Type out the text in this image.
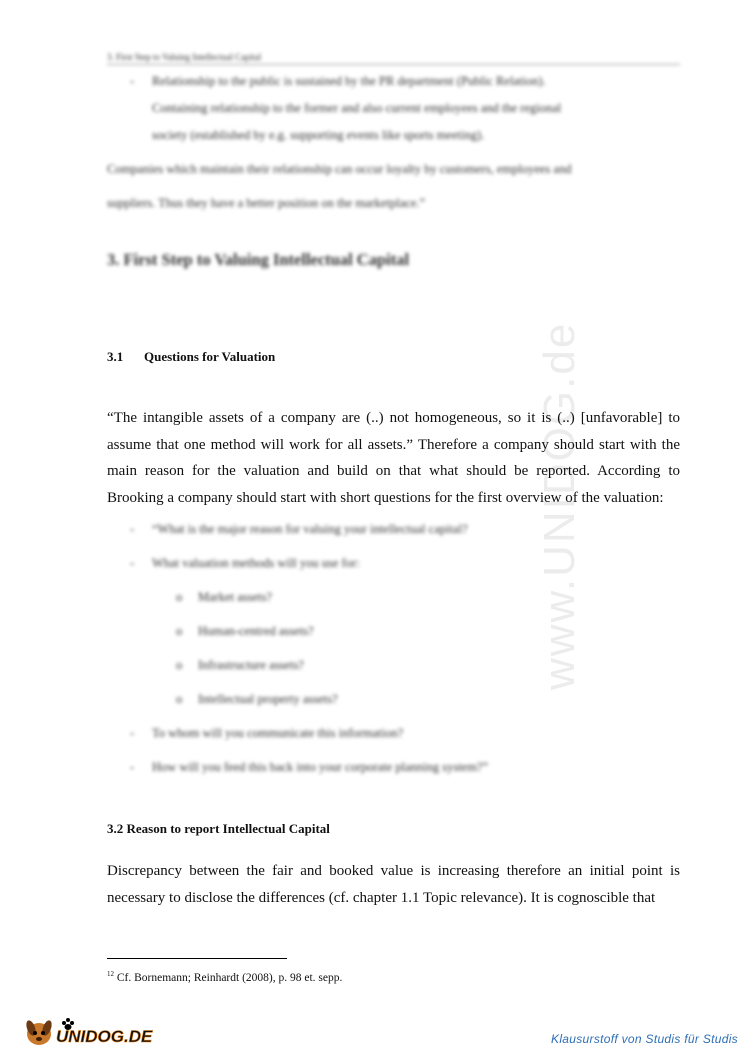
www.UNIDOG.de
3. First Step to Valuing Intellectual Capital
- Relationship to the public is sustained by the PR department (Public Relation).
Containing relationship to the former and also current employees and the regional
society (established by e.g. supporting events like sports meeting).
Companies which maintain their relationship can occur loyalty by customers, employees and
suppliers. Thus they have a better position on the marketplace.”
3. First Step to Valuing Intellectual Capital
3.1 Questions for Valuation
“The intangible assets of a company are (..) not homogeneous, so it is (..) [unfavorable] to assume that one method will work for all assets.” Therefore a company should start with the main reason for the valuation and build on that what should be reported. According to Brooking a company should start with short questions for the first overview of the valuation:
- “What is the major reason for valuing your intellectual capital?
- What valuation methods will you use for:
o Market assets?
o Human-centred assets?
o Infrastructure assets?
o Intellectual property assets?
- To whom will you communicate this information?
- How will you feed this back into your corporate planning system?”
3.2 Reason to report Intellectual Capital
Discrepancy between the fair and booked value is increasing therefore an initial point is necessary to disclose the differences (cf. chapter 1.1 Topic relevance). It is cognoscible that
$^{12}$ Cf. Bornemann; Reinhardt (2008), p. 98 et. sepp.
UNIDOG.DE	Klausurstoff von Studis für Studis
